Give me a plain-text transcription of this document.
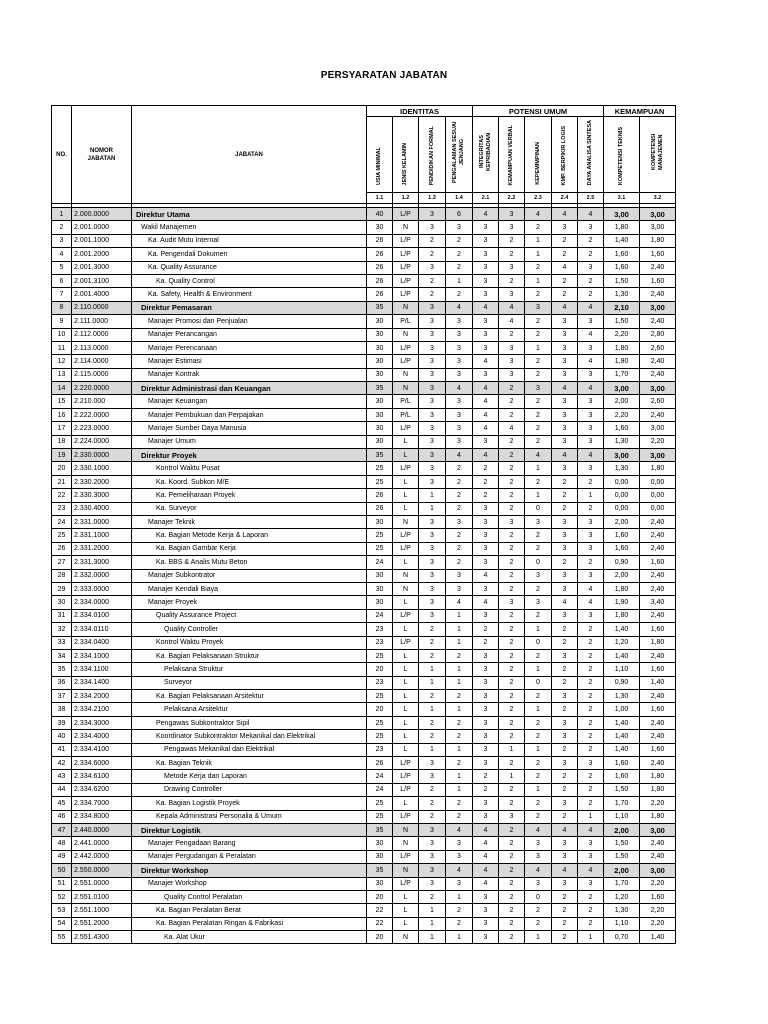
PERSYARATAN JABATAN
NO.	NOMOR JABATAN	JABATAN	IDENTITAS				POTENSI UMUM					KEMAMPUAN	
			USIA MINIMAL	JENIS KELAMIN	PENDIDIKAN FORMAL	PENGALAMAN SESUAI JENJANG	INTEGRITAS KEPRIBADIAN	KEMAMPUAN VERBAL	KEPEMIMPINAN	KMP. BERPIKIR LOGIS	DAYA ANALISA SINTESA	KOMPETENSI TEKNIS	KOMPETENSI MANAJEMEN
			1.1	1.2	1.3	1.4	2.1	2.2	2.3	2.4	2.5	3.1	3.2

1	2.000.0000	Direktur Utama	40	L/P	3	6	4	3	4	4	4	3,00	3,00
2	2.001.0000	Wakil Manajemen	30	N	3	3	3	3	2	3	3	1,80	3,00
3	2.001.1000	Ka. Audit Mutu Internal	26	L/P	2	2	3	2	1	2	2	1,40	1,80
4	2.001.2000	Ka. Pengendali Dokumen	26	L/P	2	2	3	2	1	2	2	1,60	1,60
5	2.001.3000	Ka. Quality Assurance	26	L/P	3	2	3	3	2	4	3	1,60	2,40
6	2.001.3100	Ka. Quality Control	26	L/P	2	1	3	2	1	2	2	1,50	1,60
7	2.001.4000	Ka. Safety, Health & Environment	26	L/P	2	2	3	3	2	2	2	1,30	2,40
8	2.110.0000	Direktur Pemasaran	35	N	3	4	4	4	3	4	4	2,10	3,00
9	2.111.0000	Manajer Promosi dan Penjualan	30	P/L	3	3	3	4	2	3	3	1,50	2,40
10	2.112.0000	Manajer Perancangan	30	N	3	3	3	2	2	3	4	2,20	2,80
11	2.113.0000	Manajer Perencanaan	30	L/P	3	3	3	3	1	3	3	1,80	2,60
12	2.114.0000	Manajer Estimasi	30	L/P	3	3	4	3	2	3	4	1,90	2,40
13	2.115.0000	Manajer Kontrak	30	N	3	3	3	3	2	3	3	1,70	2,40
14	2.220.0000	Direktur Administrasi dan Keuangan	35	N	3	4	4	2	3	4	4	3,00	3,00
15	2.210.000	Manajer Keuangan	30	P/L	3	3	4	2	2	3	3	2,00	2,60
16	2.222.0000	Manajer Pembukuan dan Perpajakan	30	P/L	3	3	4	2	2	3	3	2,20	2,40
17	2.223.0000	Manajer Sumber Daya Manusia	30	L/P	3	3	4	4	2	3	3	1,60	3,00
18	2.224.0000	Manajer Umum	30	L	3	3	3	2	2	3	3	1,30	2,20
19	2.330.0000	Direktur Proyek	35	L	3	4	4	2	4	4	4	3,00	3,00
20	2.330.1000	Kontrol Waktu Pusat	25	L/P	3	2	2	2	1	3	3	1,30	1,80
21	2.330.2000	Ka. Koord. Subkon M/E	25	L	3	2	2	2	2	2	2	0,00	0,00
22	2.330.3000	Ka. Pemeliharaan Proyek	26	L	1	2	2	2	1	2	1	0,00	0,00
23	2.330.4000	Ka. Surveyor	26	L	1	2	3	2	0	2	2	0,00	0,00
24	2.331.0000	Manajer Teknik	30	N	3	3	3	3	3	3	3	2,00	2,40
25	2.331.1000	Ka. Bagian Metode Kerja & Laporan	25	L/P	3	2	3	2	2	3	3	1,60	2,40
26	2.331.2000	Ka. Bagian Gambar Kerja	25	L/P	3	2	3	2	2	3	3	1,60	2,40
27	2.331.3000	Ka. BBS & Analis Mutu Beton	24	L	3	2	3	2	0	2	2	0,90	1,60
28	2.332.0000	Manajer Subkontrator	30	N	3	3	4	2	3	3	3	2,00	2,40
29	2.333.0000	Manajer Kendali Biaya	30	N	3	3	3	2	2	3	4	1,80	2,40
30	2.334.0000	Manajer Proyek	30	L	3	4	4	3	3	4	4	1,90	3,40
31	2.334.0100	Quality Assurance Project	24	L/P	3	1	3	2	2	3	3	1,80	2,40
32	2.334.0110	Quality Controller	23	L	2	1	2	2	1	2	2	1,40	1,60
33	2.334.0400	Kontrol Waktu Proyek	23	L/P	2	1	2	2	0	2	2	1,20	1,80
34	2.334.1000	Ka. Bagian Pelaksanaan Struktur	25	L	2	2	3	2	2	3	2	1,40	2,40
35	2.334.1100	Pelaksana Struktur	20	L	1	1	3	2	1	2	2	1,10	1,60
36	2.334.1400	Surveyor	23	L	1	1	3	2	0	2	2	0,90	1,40
37	2.334.2000	Ka. Bagian Pelaksanaan Arsitektur	25	L	2	2	3	2	2	3	2	1,30	2,40
38	2.334.2100	Pelaksana Arsitektur	20	L	1	1	3	2	1	2	2	1,00	1,60
39	2.334.3000	Pengawas Subkontraktor Sipil	25	L	2	2	3	2	2	3	2	1,40	2,40
40	2.334.4000	Koordinator Subkontraktor Mekanikal dan Elektrikal	25	L	2	2	3	2	2	3	2	1,40	2,40
41	2.334.4100	Pengawas Mekanikal dan Elektrikal	23	L	1	1	3	1	1	2	2	1,40	1,60
42	2.334.6000	Ka. Bagian Teknik	26	L/P	3	2	3	2	2	3	3	1,60	2,40
43	2.334.6100	Metode Kerja dan Laporan	24	L/P	3	1	2	1	2	2	2	1,60	1,80
44	2.334.6200	Drawing Controller	24	L/P	2	1	2	2	1	2	2	1,50	1,80
45	2.334.7000	Ka. Bagian Logistik Proyek	25	L	2	2	3	2	2	3	2	1,70	2,20
46	2.334.8000	Kepala Administrasi Personalia & Umum	25	L/P	2	2	3	3	2	2	1	1,10	1,80
47	2.440.0000	Direktur Logistik	35	N	3	4	4	2	4	4	4	2,00	3,00
48	2.441.0000	Manajer Pengadaan Barang	30	N	3	3	4	2	3	3	3	1,50	2,40
49	2.442.0000	Manajer Pergudangan & Peralatan	30	L/P	3	3	4	2	3	3	3	1,50	2,40
50	2.550.0000	Direktur Workshop	35	N	3	4	4	2	4	4	4	2,00	3,00
51	2.551.0000	Manajer Workshop	30	L/P	3	3	4	2	3	3	3	1,70	2,20
52	2.551.0100	Quality Control Peralatan	20	L	2	1	3	2	0	2	2	1,20	1,60
53	2.551.1000	Ka. Bagian Peralatan Berat	22	L	1	2	3	2	2	2	2	1,30	2,20
54	2.551.2000	Ka. Bagian Peralatan Ringan & Fabrikasi	22	L	1	2	3	2	2	2	2	1,10	2,20
55	2.551.4300	Ka. Alat Ukur	20	N	1	1	3	2	1	2	1	0,70	1,40
